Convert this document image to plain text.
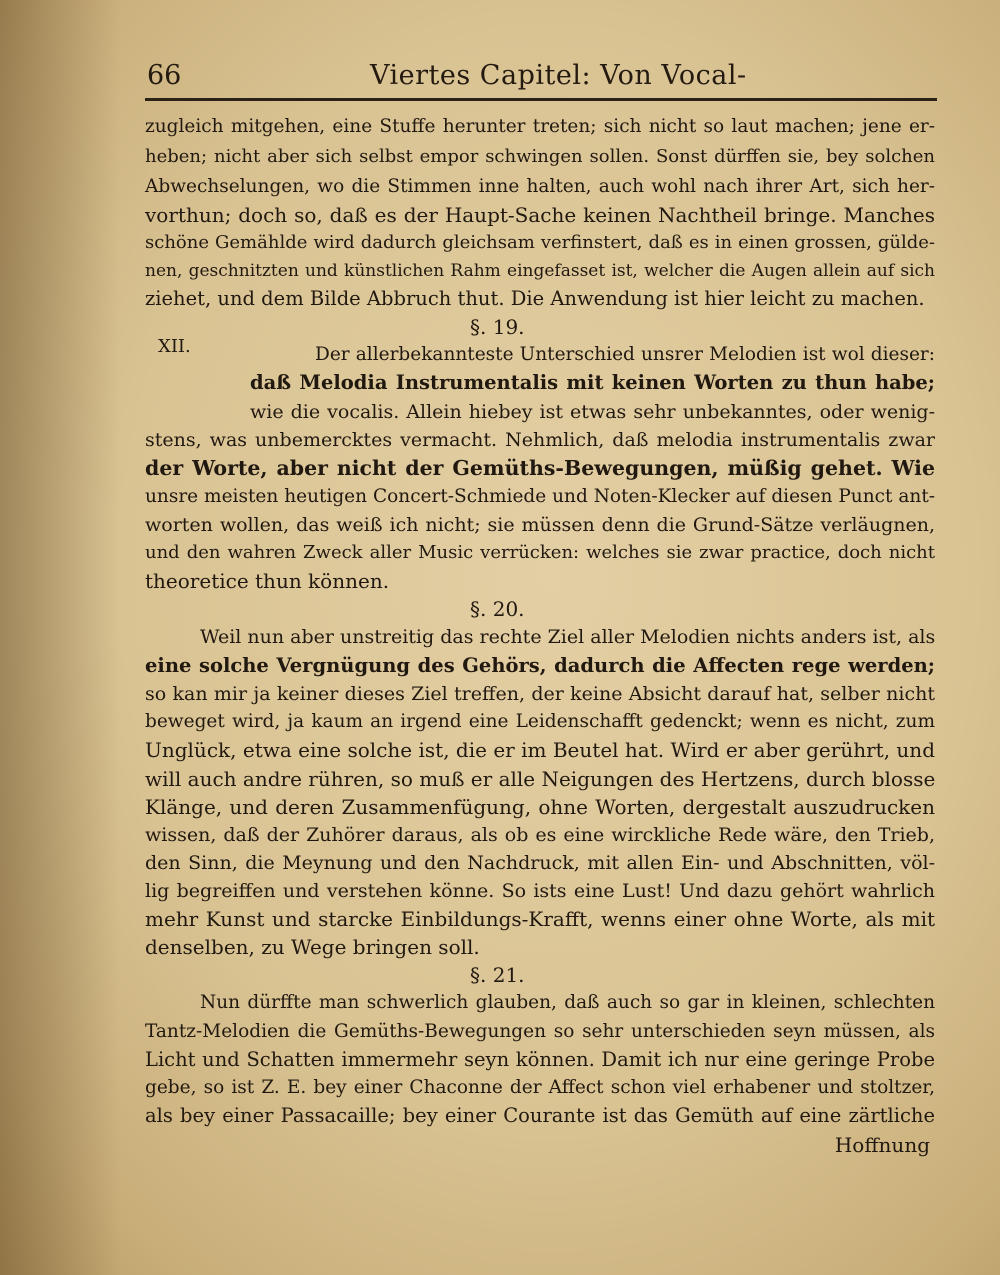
66	Viertes Capitel: Von Vocal-
zugleich mitgehen, eine Stuffe herunter treten; sich nicht so laut machen; jene er-
heben; nicht aber sich selbst empor schwingen sollen. Sonst dürffen sie, bey solchen
Abwechselungen, wo die Stimmen inne halten, auch wohl nach ihrer Art, sich her-
vorthun; doch so, daß es der Haupt-Sache keinen Nachtheil bringe. Manches
schöne Gemählde wird dadurch gleichsam verfinstert, daß es in einen grossen, gülde-
nen, geschnitzten und künstlichen Rahm eingefasset ist, welcher die Augen allein auf sich
ziehet, und dem Bilde Abbruch thut. Die Anwendung ist hier leicht zu machen.
§. 19.
XII.	Der allerbekannteste Unterschied unsrer Melodien ist wol dieser:
daß Melodia Instrumentalis mit keinen Worten zu thun habe;
wie die vocalis. Allein hiebey ist etwas sehr unbekanntes, oder wenig-
stens, was unbemercktes vermacht. Nehmlich, daß melodia instrumentalis zwar
der Worte, aber nicht der Gemüths-Bewegungen, müßig gehet. Wie
unsre meisten heutigen Concert-Schmiede und Noten-Klecker auf diesen Punct ant-
worten wollen, das weiß ich nicht; sie müssen denn die Grund-Sätze verläugnen,
und den wahren Zweck aller Music verrücken: welches sie zwar practice, doch nicht
theoretice thun können.
§. 20.
Weil nun aber unstreitig das rechte Ziel aller Melodien nichts anders ist, als
eine solche Vergnügung des Gehörs, dadurch die Affecten rege werden;
so kan mir ja keiner dieses Ziel treffen, der keine Absicht darauf hat, selber nicht
beweget wird, ja kaum an irgend eine Leidenschafft gedenckt; wenn es nicht, zum
Unglück, etwa eine solche ist, die er im Beutel hat. Wird er aber gerührt, und
will auch andre rühren, so muß er alle Neigungen des Hertzens, durch blosse
Klänge, und deren Zusammenfügung, ohne Worten, dergestalt auszudrucken
wissen, daß der Zuhörer daraus, als ob es eine wirckliche Rede wäre, den Trieb,
den Sinn, die Meynung und den Nachdruck, mit allen Ein- und Abschnitten, völ-
lig begreiffen und verstehen könne. So ists eine Lust! Und dazu gehört wahrlich
mehr Kunst und starcke Einbildungs-Krafft, wenns einer ohne Worte, als mit
denselben, zu Wege bringen soll.
§. 21.
Nun dürffte man schwerlich glauben, daß auch so gar in kleinen, schlechten
Tantz-Melodien die Gemüths-Bewegungen so sehr unterschieden seyn müssen, als
Licht und Schatten immermehr seyn können. Damit ich nur eine geringe Probe
gebe, so ist Z. E. bey einer Chaconne der Affect schon viel erhabener und stoltzer,
als bey einer Passacaille; bey einer Courante ist das Gemüth auf eine zärtliche
Hoffnung
